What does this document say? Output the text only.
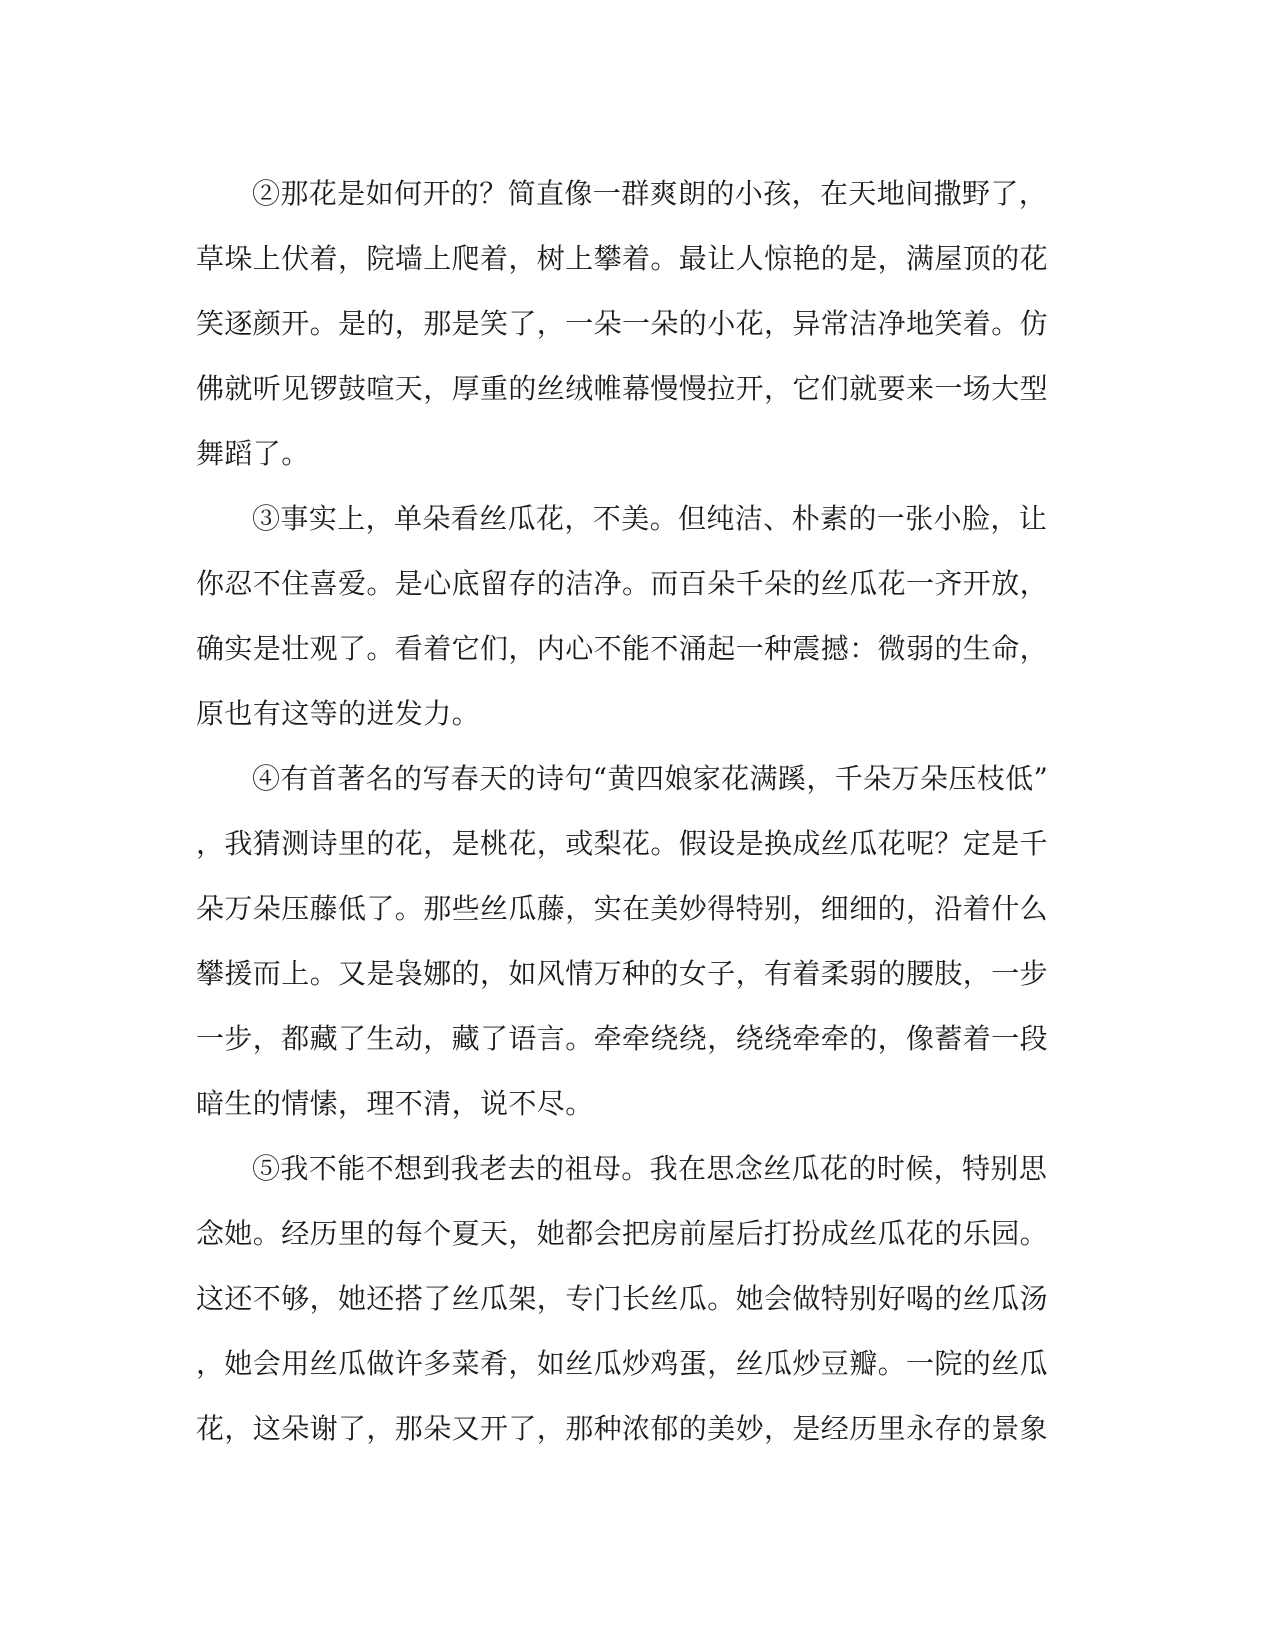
②那花是如何开的？简直像一群爽朗的小孩，在天地间撒野了，
草垛上伏着，院墙上爬着，树上攀着。最让人惊艳的是，满屋顶的花
笑逐颜开。是的，那是笑了，一朵一朵的小花，异常洁净地笑着。仿
佛就听见锣鼓喧天，厚重的丝绒帷幕慢慢拉开，它们就要来一场大型
舞蹈了。
③事实上，单朵看丝瓜花，不美。但纯洁、朴素的一张小脸，让
你忍不住喜爱。是心底留存的洁净。而百朵千朵的丝瓜花一齐开放，
确实是壮观了。看着它们，内心不能不涌起一种震撼：微弱的生命，
原也有这等的迸发力。
④有首著名的写春天的诗句“黄四娘家花满蹊，千朵万朵压枝低”
，我猜测诗里的花，是桃花，或梨花。假设是换成丝瓜花呢？定是千
朵万朵压藤低了。那些丝瓜藤，实在美妙得特别，细细的，沿着什么
攀援而上。又是袅娜的，如风情万种的女子，有着柔弱的腰肢，一步
一步，都藏了生动，藏了语言。牵牵绕绕，绕绕牵牵的，像蓄着一段
暗生的情愫，理不清，说不尽。
⑤我不能不想到我老去的祖母。我在思念丝瓜花的时候，特别思
念她。经历里的每个夏天，她都会把房前屋后打扮成丝瓜花的乐园。
这还不够，她还搭了丝瓜架，专门长丝瓜。她会做特别好喝的丝瓜汤
，她会用丝瓜做许多菜肴，如丝瓜炒鸡蛋，丝瓜炒豆瓣。一院的丝瓜
花，这朵谢了，那朵又开了，那种浓郁的美妙，是经历里永存的景象
